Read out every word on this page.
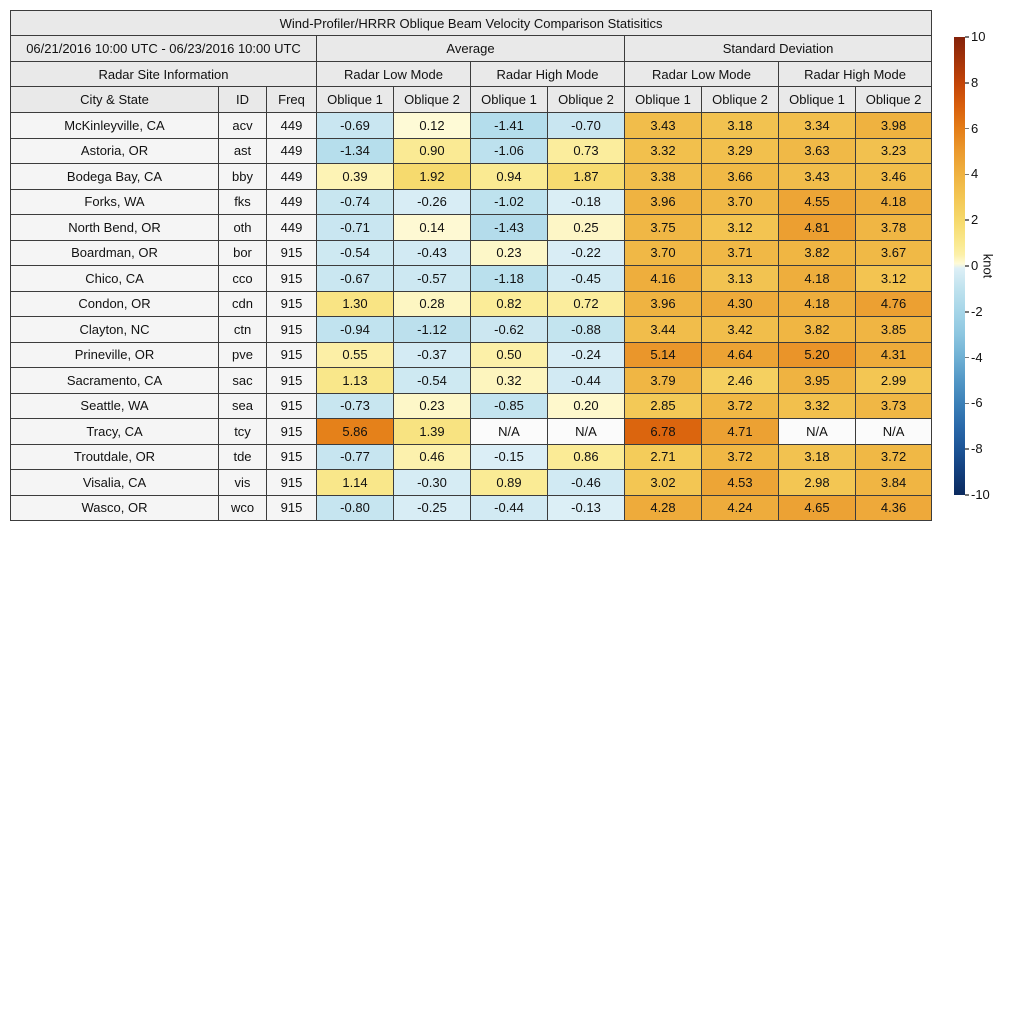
Wind-Profiler/HRRR Oblique Beam Velocity Comparison Statisitics										
06/21/2016 10:00 UTC - 06/23/2016 10:00 UTC			Average				Standard Deviation			
Radar Site Information			Radar Low Mode		Radar High Mode		Radar Low Mode		Radar High Mode	
City & State	ID	Freq	Oblique 1	Oblique 2	Oblique 1	Oblique 2	Oblique 1	Oblique 2	Oblique 1	Oblique 2
McKinleyville, CA	acv	449	-0.69	0.12	-1.41	-0.70	3.43	3.18	3.34	3.98
Astoria, OR	ast	449	-1.34	0.90	-1.06	0.73	3.32	3.29	3.63	3.23
Bodega Bay, CA	bby	449	0.39	1.92	0.94	1.87	3.38	3.66	3.43	3.46
Forks, WA	fks	449	-0.74	-0.26	-1.02	-0.18	3.96	3.70	4.55	4.18
North Bend, OR	oth	449	-0.71	0.14	-1.43	0.25	3.75	3.12	4.81	3.78
Boardman, OR	bor	915	-0.54	-0.43	0.23	-0.22	3.70	3.71	3.82	3.67
Chico, CA	cco	915	-0.67	-0.57	-1.18	-0.45	4.16	3.13	4.18	3.12
Condon, OR	cdn	915	1.30	0.28	0.82	0.72	3.96	4.30	4.18	4.76
Clayton, NC	ctn	915	-0.94	-1.12	-0.62	-0.88	3.44	3.42	3.82	3.85
Prineville, OR	pve	915	0.55	-0.37	0.50	-0.24	5.14	4.64	5.20	4.31
Sacramento, CA	sac	915	1.13	-0.54	0.32	-0.44	3.79	2.46	3.95	2.99
Seattle, WA	sea	915	-0.73	0.23	-0.85	0.20	2.85	3.72	3.32	3.73
Tracy, CA	tcy	915	5.86	1.39	N/A	N/A	6.78	4.71	N/A	N/A
Troutdale, OR	tde	915	-0.77	0.46	-0.15	0.86	2.71	3.72	3.18	3.72
Visalia, CA	vis	915	1.14	-0.30	0.89	-0.46	3.02	4.53	2.98	3.84
Wasco, OR	wco	915	-0.80	-0.25	-0.44	-0.13	4.28	4.24	4.65	4.36
knot
10
8
6
4
2
0
-2
-4
-6
-8
-10
